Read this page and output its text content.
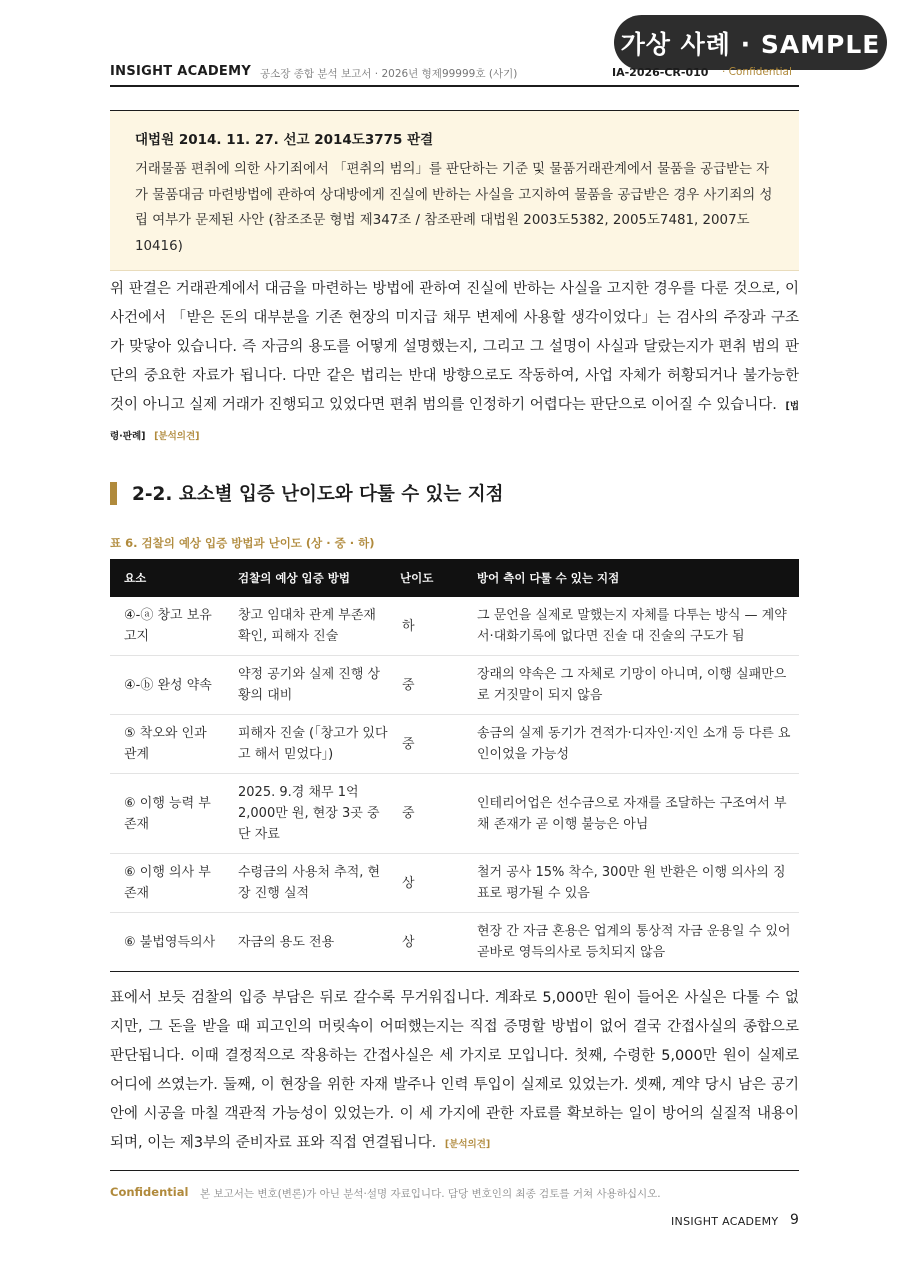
가상 사례 · SAMPLE
INSIGHT ACADEMY 공소장 종합 분석 보고서 · 2026년 형제99999호 (사기)	IA-2026-CR-010 · Confidential
대법원 2014. 11. 27. 선고 2014도3775 판결
거래물품 편취에 의한 사기죄에서 「편취의 범의」를 판단하는 기준 및 물품거래관계에서 물품을 공급받는 자가 물품대금 마련방법에 관하여 상대방에게 진실에 반하는 사실을 고지하여 물품을 공급받은 경우 사기죄의 성립 여부가 문제된 사안 (참조조문 형법 제347조 / 참조판례 대법원 2003도5382, 2005도7481, 2007도10416)
위 판결은 거래관계에서 대금을 마련하는 방법에 관하여 진실에 반하는 사실을 고지한 경우를 다룬 것으로, 이 사건에서 「받은 돈의 대부분을 기존 현장의 미지급 채무 변제에 사용할 생각이었다」는 검사의 주장과 구조가 맞닿아 있습니다. 즉 자금의 용도를 어떻게 설명했는지, 그리고 그 설명이 사실과 달랐는지가 편취 범의 판단의 중요한 자료가 됩니다. 다만 같은 법리는 반대 방향으로도 작동하여, 사업 자체가 허황되거나 불가능한 것이 아니고 실제 거래가 진행되고 있었다면 편취 범의를 인정하기 어렵다는 판단으로 이어질 수 있습니다. [법령·판례] [분석의견]
2-2. 요소별 입증 난이도와 다툴 수 있는 지점
표 6. 검찰의 예상 입증 방법과 난이도 (상 · 중 · 하)
요소	검찰의 예상 입증 방법	난이도	방어 측이 다툴 수 있는 지점
④-ⓐ 창고 보유 고지	창고 임대차 관계 부존재 확인, 피해자 진술	하	그 문언을 실제로 말했는지 자체를 다투는 방식 — 계약서·대화기록에 없다면 진술 대 진술의 구도가 됨
④-ⓑ 완성 약속	약정 공기와 실제 진행 상황의 대비	중	장래의 약속은 그 자체로 기망이 아니며, 이행 실패만으로 거짓말이 되지 않음
⑤ 착오와 인과관계	피해자 진술 (「창고가 있다고 해서 믿었다」)	중	송금의 실제 동기가 견적가·디자인·지인 소개 등 다른 요인이었을 가능성
⑥ 이행 능력 부존재	2025. 9.경 채무 1억 2,000만 원, 현장 3곳 중단 자료	중	인테리어업은 선수금으로 자재를 조달하는 구조여서 부채 존재가 곧 이행 불능은 아님
⑥ 이행 의사 부존재	수령금의 사용처 추적, 현장 진행 실적	상	철거 공사 15% 착수, 300만 원 반환은 이행 의사의 징표로 평가될 수 있음
⑥ 불법영득의사	자금의 용도 전용	상	현장 간 자금 혼용은 업계의 통상적 자금 운용일 수 있어 곧바로 영득의사로 등치되지 않음
표에서 보듯 검찰의 입증 부담은 뒤로 갈수록 무거워집니다. 계좌로 5,000만 원이 들어온 사실은 다툴 수 없지만, 그 돈을 받을 때 피고인의 머릿속이 어떠했는지는 직접 증명할 방법이 없어 결국 간접사실의 종합으로 판단됩니다. 이때 결정적으로 작용하는 간접사실은 세 가지로 모입니다. 첫째, 수령한 5,000만 원이 실제로 어디에 쓰였는가. 둘째, 이 현장을 위한 자재 발주나 인력 투입이 실제로 있었는가. 셋째, 계약 당시 남은 공기 안에 시공을 마칠 객관적 가능성이 있었는가. 이 세 가지에 관한 자료를 확보하는 일이 방어의 실질적 내용이 되며, 이는 제3부의 준비자료 표와 직접 연결됩니다. [분석의견]
Confidential 본 보고서는 변호(변론)가 아닌 분석·설명 자료입니다. 담당 변호인의 최종 검토를 거쳐 사용하십시오.
INSIGHT ACADEMY 9
